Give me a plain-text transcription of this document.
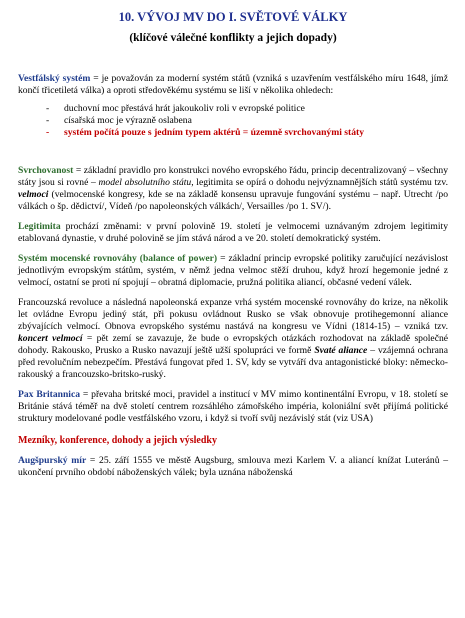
10. VÝVOJ MV DO I. SVĚTOVÉ VÁLKY
(klíčové válečné konflikty a jejich dopady)

Vestfálský systém = je považován za moderní systém států (vzniká s uzavřením vestfálského míru 1648, jímž končí třicetiletá válka) a oproti středověkému systému se liší v několika ohledech:

- duchovní moc přestává hrát jakoukoliv roli v evropské politice
- císařská moc je výrazně oslabena
- systém počítá pouze s jedním typem aktérů = územně svrchovanými státy

Svrchovanost = základní pravidlo pro konstrukci nového evropského řádu, princip decentralizovaný – všechny státy jsou si rovné – model absolutního státu, legitimita se opírá o dohodu nejvýznamnějších států systému tzv. velmoci (velmocenské kongresy, kde se na základě konsensu upravuje fungování systému – např. Utrecht /po válkách o šp. dědictví/, Vídeň /po napoleonských válkách/, Versailles /po 1. SV/).

Legitimita prochází změnami: v první polovině 19. století je velmocemi uznávaným zdrojem legitimity etablovaná dynastie, v druhé polovině se jím stává národ a ve 20. století demokratický systém.

Systém mocenské rovnováhy (balance of power) = základní princip evropské politiky zaručující nezávislost jednotlivým evropským státům, systém, v němž jedna velmoc stěží druhou, když hrozí hegemonie jedné z velmocí, ostatní se proti ní spojují – obratná diplomacie, pružná politika aliancí, občasné vedení válek.

Francouzská revoluce a následná napoleonská expanze vrhá systém mocenské rovnováhy do krize, na několik let ovládne Evropu jediný stát, při pokusu ovládnout Rusko se však obnovuje protihegemonní aliance zbývajících velmocí. Obnova evropského systému nastává na kongresu ve Vídni (1814-15) – vzniká tzv. koncert velmocí = pět zemí se zavazuje, že bude o evropských otázkách rozhodovat na základě společné dohody. Rakousko, Prusko a Rusko navazují ještě užší spolupráci ve formě Svaté aliance – vzájemná ochrana před revolučním nebezpečím. Přestává fungovat před 1. SV, kdy se vytváří dva antagonistické bloky: německo-rakouský a francouzsko-britsko-ruský.

Pax Britannica = převaha britské moci, pravidel a institucí v MV mimo kontinentální Evropu, v 18. století se Británie stává téměř na dvě století centrem rozsáhlého zámořského impéria, koloniální svět přijímá politické struktury modelované podle vestfálského vzoru, i když si tvoří svůj nezávislý stát (viz USA)

Mezníky, konference, dohody a jejich výsledky

Augšpurský mír = 25. září 1555 ve městě Augsburg, smlouva mezi Karlem V. a aliancí knížat Luteránů – ukončení prvního období náboženských válek; byla uznána náboženská
